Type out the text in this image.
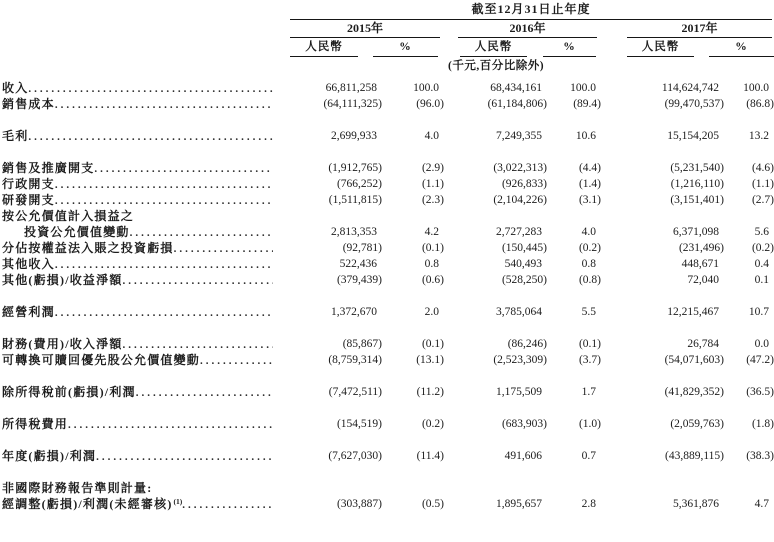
截至12月31日止年度
2015年	2016年	2017年
人民幣	%	人民幣	%	人民幣	%
(千元,百分比除外)
收入 .....	66,811,258	100.0	68,434,161	100.0	114,624,742	100.0
銷售成本 .....	(64,111,325)	(96.0)	(61,184,806)	(89.4)	(99,470,537)	(86.8)
毛利 .....	2,699,933	4.0	7,249,355	10.6	15,154,205	13.2
銷售及推廣開支 .....	(1,912,765)	(2.9)	(3,022,313)	(4.4)	(5,231,540)	(4.6)
行政開支 .....	(766,252)	(1.1)	(926,833)	(1.4)	(1,216,110)	(1.1)
研發開支 .....	(1,511,815)	(2.3)	(2,104,226)	(3.1)	(3,151,401)	(2.7)
按公允價值計入損益之
投資公允價值變動 .....	2,813,353	4.2	2,727,283	4.0	6,371,098	5.6
分佔按權益法入賬之投資虧損 .....	(92,781)	(0.1)	(150,445)	(0.2)	(231,496)	(0.2)
其他收入 .....	522,436	0.8	540,493	0.8	448,671	0.4
其他(虧損)/收益淨額 .....	(379,439)	(0.6)	(528,250)	(0.8)	72,040	0.1
經營利潤 .....	1,372,670	2.0	3,785,064	5.5	12,215,467	10.7
財務(費用)/收入淨額 .....	(85,867)	(0.1)	(86,246)	(0.1)	26,784	0.0
可轉換可贖回優先股公允價值變動 .....	(8,759,314)	(13.1)	(2,523,309)	(3.7)	(54,071,603)	(47.2)
除所得稅前(虧損)/利潤 .....	(7,472,511)	(11.2)	1,175,509	1.7	(41,829,352)	(36.5)
所得稅費用 .....	(154,519)	(0.2)	(683,903)	(1.0)	(2,059,763)	(1.8)
年度(虧損)/利潤 .....	(7,627,030)	(11.4)	491,606	0.7	(43,889,115)	(38.3)
非國際財務報告準則計量:
經調整(虧損)/利潤(未經審核) (1) .....	(303,887)	(0.5)	1,895,657	2.8	5,361,876	4.7
